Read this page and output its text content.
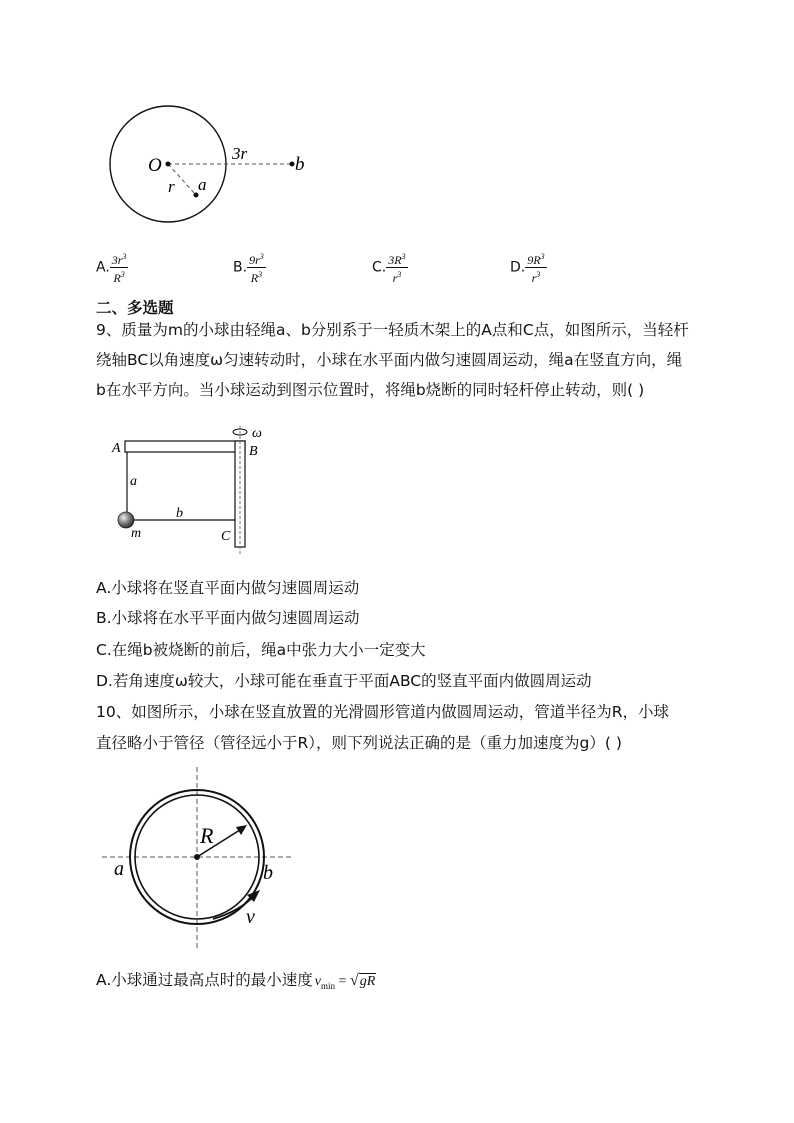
O
r a
3r
b
A. $\frac{3r^3}{R^3}$	B. $\frac{9r^3}{R^3}$	C. $\frac{3R^3}{r^3}$	D. $\frac{9R^3}{r^3}$
二、多选题
9、质量为m的小球由轻绳a、b分别系于一轻质木架上的A点和C点，如图所示，当轻杆
绕轴BC以角速度ω匀速转动时，小球在水平面内做匀速圆周运动，绳a在竖直方向，绳
b在水平方向。当小球运动到图示位置时，将绳b烧断的同时轻杆停止转动，则( )
A	B
ω
a
b
m	C
A.小球将在竖直平面内做匀速圆周运动
B.小球将在水平平面内做匀速圆周运动
C.在绳b被烧断的前后，绳a中张力大小一定变大
D.若角速度ω较大，小球可能在垂直于平面ABC的竖直平面内做圆周运动
10、如图所示，小球在竖直放置的光滑圆形管道内做圆周运动，管道半径为R，小球
直径略小于管径（管径远小于R），则下列说法正确的是（重力加速度为g）( )
R
a	b
v
A.小球通过最高点时的最小速度 $v_{min} = √gR$
